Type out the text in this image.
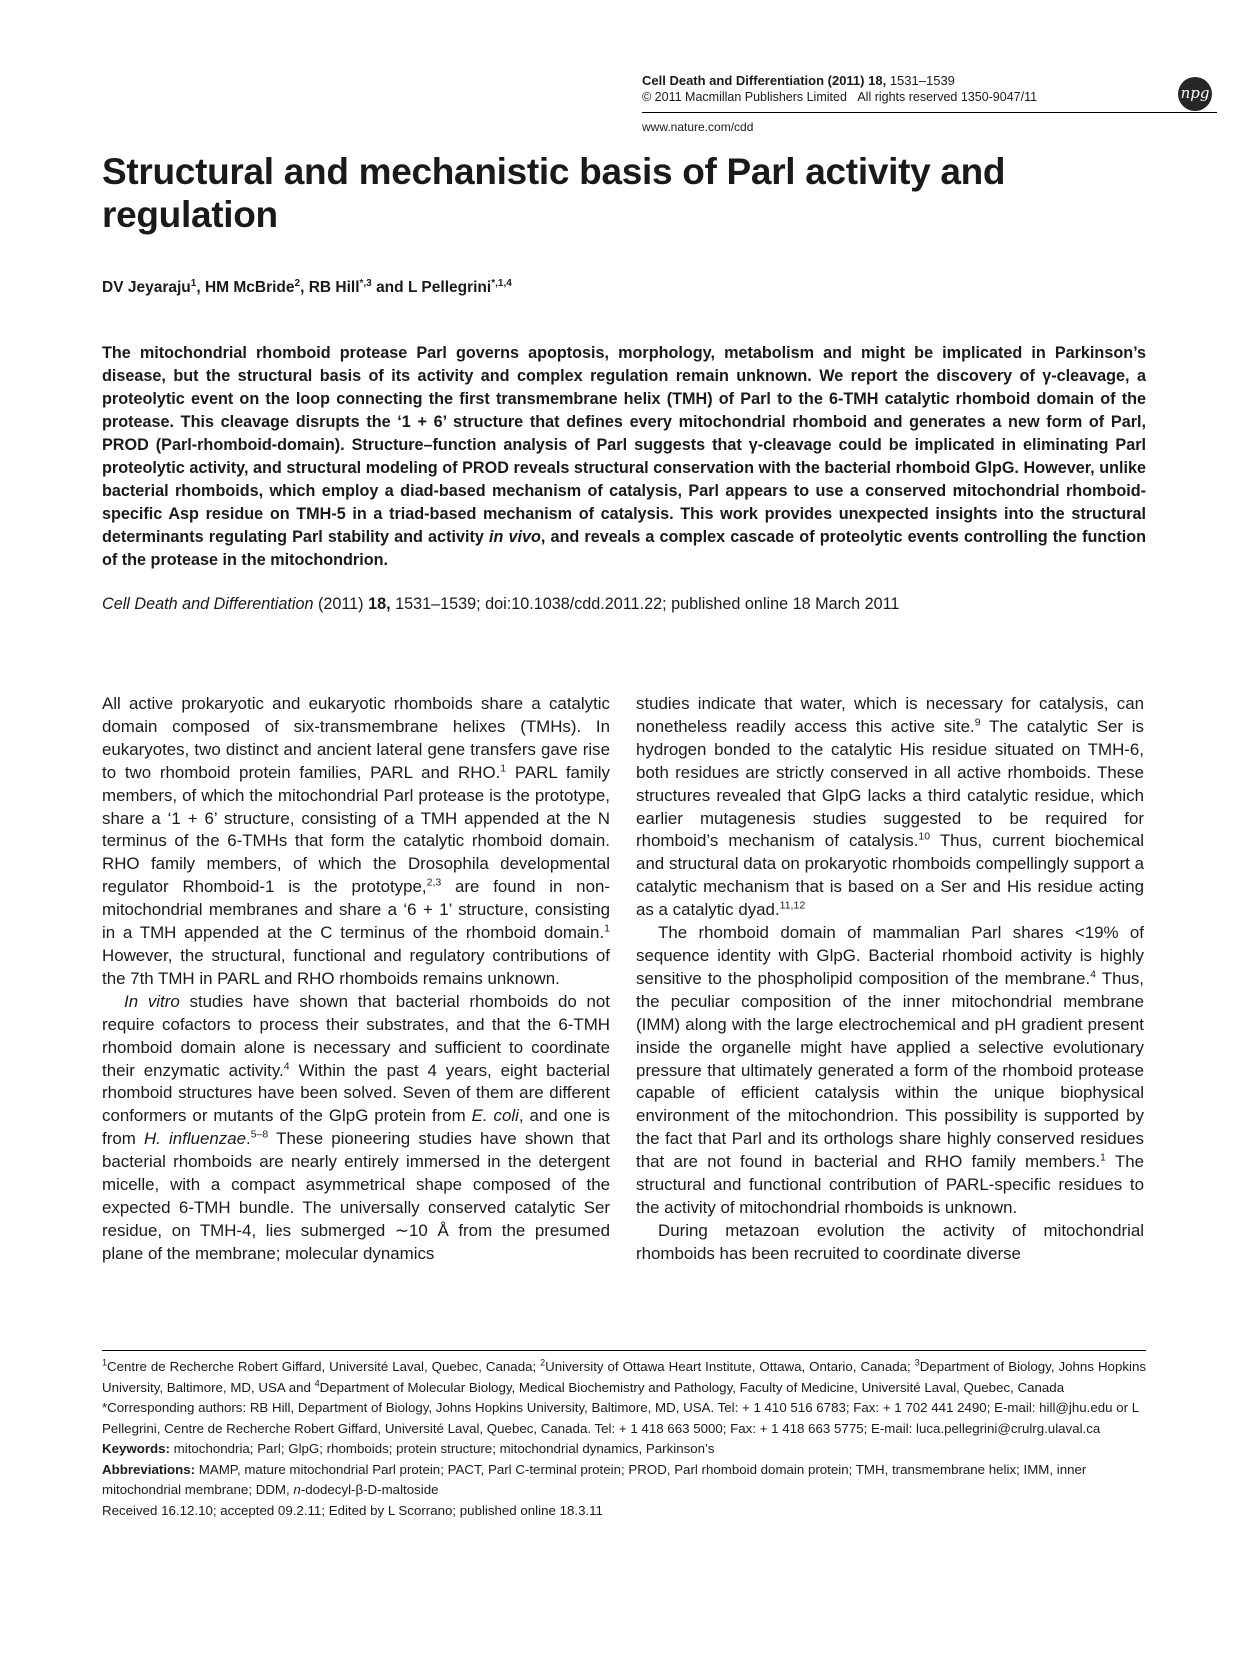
Cell Death and Differentiation (2011) 18, 1531–1539
© 2011 Macmillan Publishers Limited All rights reserved 1350-9047/11
www.nature.com/cdd
npg
Structural and mechanistic basis of Parl activity and regulation
DV Jeyaraju$^1$, HM McBride$^2$, RB Hill$^{*,3}$ and L Pellegrini$^{*,1,4}$
The mitochondrial rhomboid protease Parl governs apoptosis, morphology, metabolism and might be implicated in Parkinson’s disease, but the structural basis of its activity and complex regulation remain unknown. We report the discovery of γ-cleavage, a proteolytic event on the loop connecting the first transmembrane helix (TMH) of Parl to the 6-TMH catalytic rhomboid domain of the protease. This cleavage disrupts the ‘1 + 6’ structure that defines every mitochondrial rhomboid and generates a new form of Parl, PROD (Parl-rhomboid-domain). Structure–function analysis of Parl suggests that γ-cleavage could be implicated in eliminating Parl proteolytic activity, and structural modeling of PROD reveals structural conservation with the bacterial rhomboid GlpG. However, unlike bacterial rhomboids, which employ a diad-based mechanism of catalysis, Parl appears to use a conserved mitochondrial rhomboid-specific Asp residue on TMH-5 in a triad-based mechanism of catalysis. This work provides unexpected insights into the structural determinants regulating Parl stability and activity in vivo, and reveals a complex cascade of proteolytic events controlling the function of the protease in the mitochondrion.
Cell Death and Differentiation (2011) 18, 1531–1539; doi:10.1038/cdd.2011.22; published online 18 March 2011

All active prokaryotic and eukaryotic rhomboids share a catalytic domain composed of six-transmembrane helixes (TMHs). In eukaryotes, two distinct and ancient lateral gene transfers gave rise to two rhomboid protein families, PARL and RHO.$^1$ PARL family members, of which the mitochondrial Parl protease is the prototype, share a ‘1 + 6’ structure, consisting of a TMH appended at the N terminus of the 6-TMHs that form the catalytic rhomboid domain. RHO family members, of which the Drosophila developmental regulator Rhomboid-1 is the prototype,$^{2,3}$ are found in non-mitochondrial membranes and share a ‘6 + 1’ structure, consisting in a TMH appended at the C terminus of the rhomboid domain.$^1$ However, the structural, functional and regulatory contributions of the 7th TMH in PARL and RHO rhomboids remains unknown.

In vitro studies have shown that bacterial rhomboids do not require cofactors to process their substrates, and that the 6-TMH rhomboid domain alone is necessary and sufficient to coordinate their enzymatic activity.$^4$ Within the past 4 years, eight bacterial rhomboid structures have been solved. Seven of them are different conformers or mutants of the GlpG protein from E. coli, and one is from H. influenzae.$^{5-8}$ These pioneering studies have shown that bacterial rhomboids are nearly entirely immersed in the detergent micelle, with a compact asymmetrical shape composed of the expected 6-TMH bundle. The universally conserved catalytic Ser residue, on TMH-4, lies submerged ∼10 Å from the presumed plane of the membrane; molecular dynamics

studies indicate that water, which is necessary for catalysis, can nonetheless readily access this active site.$^9$ The catalytic Ser is hydrogen bonded to the catalytic His residue situated on TMH-6, both residues are strictly conserved in all active rhomboids. These structures revealed that GlpG lacks a third catalytic residue, which earlier mutagenesis studies suggested to be required for rhomboid’s mechanism of catalysis.$^{10}$ Thus, current biochemical and structural data on prokaryotic rhomboids compellingly support a catalytic mechanism that is based on a Ser and His residue acting as a catalytic dyad.$^{11,12}$

The rhomboid domain of mammalian Parl shares <19% of sequence identity with GlpG. Bacterial rhomboid activity is highly sensitive to the phospholipid composition of the membrane.$^4$ Thus, the peculiar composition of the inner mitochondrial membrane (IMM) along with the large electrochemical and pH gradient present inside the organelle might have applied a selective evolutionary pressure that ultimately generated a form of the rhomboid protease capable of efficient catalysis within the unique biophysical environment of the mitochondrion. This possibility is supported by the fact that Parl and its orthologs share highly conserved residues that are not found in bacterial and RHO family members.$^1$ The structural and functional contribution of PARL-specific residues to the activity of mitochondrial rhomboids is unknown.

During metazoan evolution the activity of mitochondrial rhomboids has been recruited to coordinate diverse

$^1$Centre de Recherche Robert Giffard, Université Laval, Quebec, Canada; $^2$University of Ottawa Heart Institute, Ottawa, Ontario, Canada; $^3$Department of Biology, Johns Hopkins University, Baltimore, MD, USA and $^4$Department of Molecular Biology, Medical Biochemistry and Pathology, Faculty of Medicine, Université Laval, Quebec, Canada

*Corresponding authors: RB Hill, Department of Biology, Johns Hopkins University, Baltimore, MD, USA. Tel: + 1 410 516 6783; Fax: + 1 702 441 2490; E-mail: hill@jhu.edu or L Pellegrini, Centre de Recherche Robert Giffard, Université Laval, Quebec, Canada. Tel: + 1 418 663 5000; Fax: + 1 418 663 5775; E-mail: luca.pellegrini@crulrg.ulaval.ca

Keywords: mitochondria; Parl; GlpG; rhomboids; protein structure; mitochondrial dynamics, Parkinson’s

Abbreviations: MAMP, mature mitochondrial Parl protein; PACT, Parl C-terminal protein; PROD, Parl rhomboid domain protein; TMH, transmembrane helix; IMM, inner mitochondrial membrane; DDM, n-dodecyl-β-D-maltoside

Received 16.12.10; accepted 09.2.11; Edited by L Scorrano; published online 18.3.11
